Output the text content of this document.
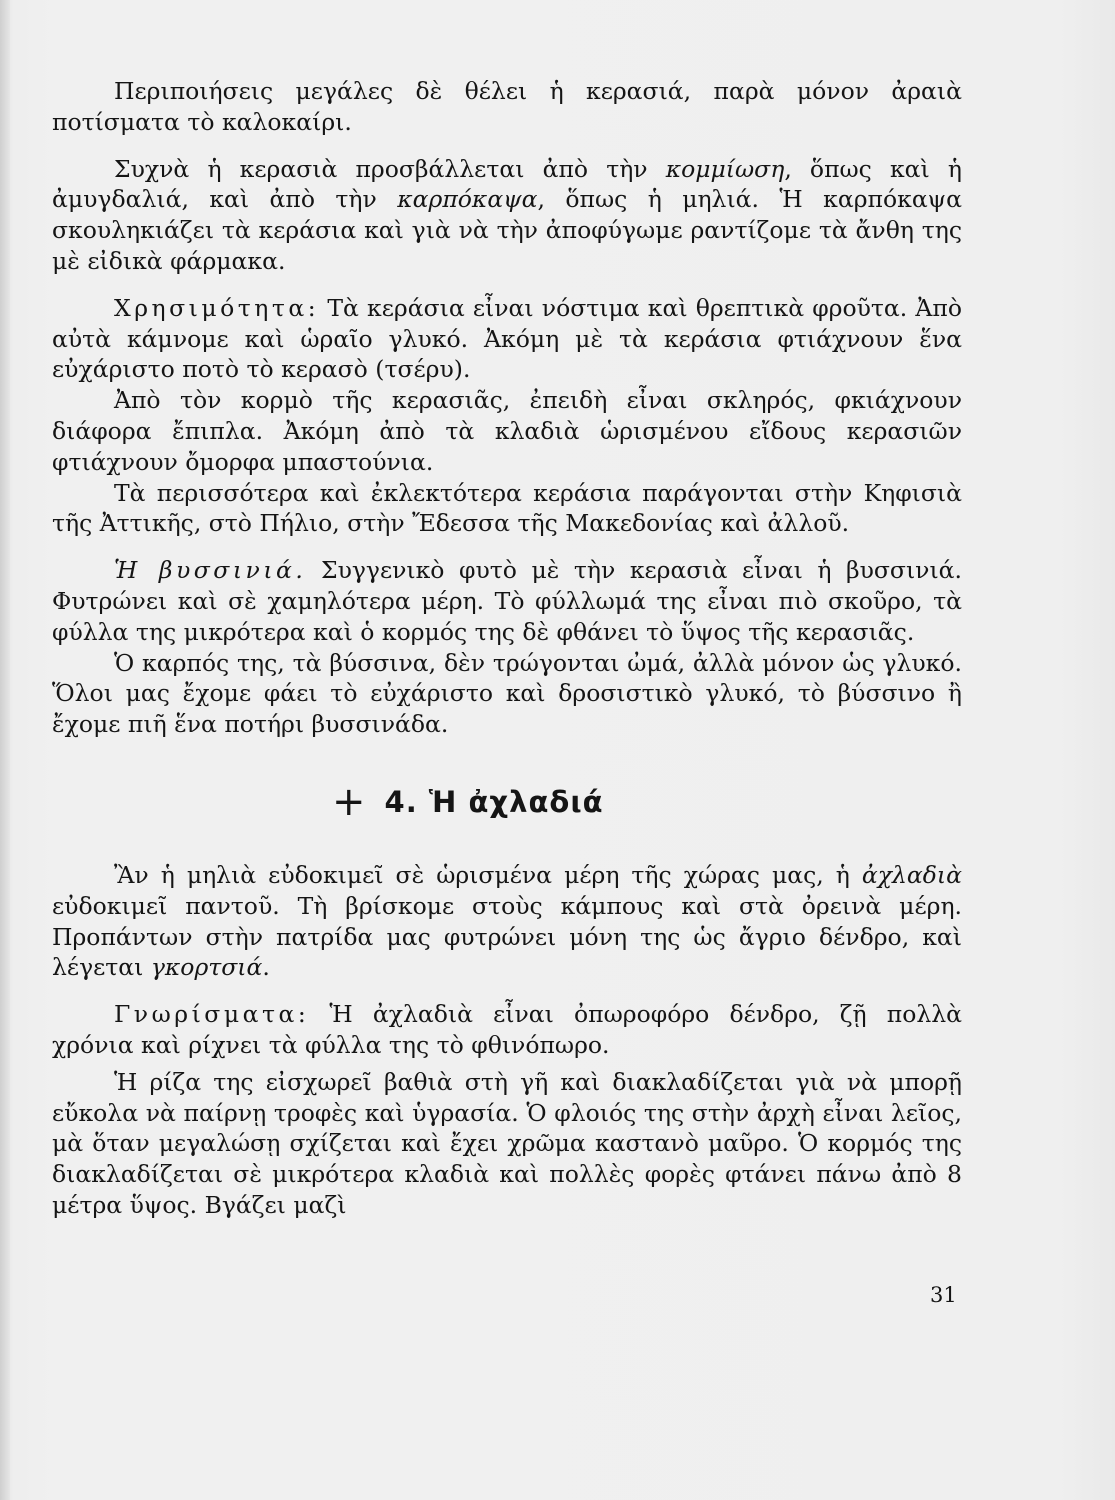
Περιποιήσεις μεγάλες δὲ θέλει ἡ κερασιά, παρὰ μόνον ἀραιὰ ποτίσματα τὸ καλοκαίρι.

Συχνὰ ἡ κερασιὰ προσβάλλεται ἀπὸ τὴν κομμίωση, ὅπως καὶ ἡ ἀμυγδαλιά, καὶ ἀπὸ τὴν καρπόκαψα, ὅπως ἡ μηλιά. Ἡ καρπόκαψα σκουληκιάζει τὰ κεράσια καὶ γιὰ νὰ τὴν ἀποφύγωμε ραντίζομε τὰ ἄνθη της μὲ εἰδικὰ φάρμακα.

Χρησιμότητα: Τὰ κεράσια εἶναι νόστιμα καὶ θρεπτικὰ φροῦτα. Ἀπὸ αὐτὰ κάμνομε καὶ ὡραῖο γλυκό. Ἀκόμη μὲ τὰ κεράσια φτιάχνουν ἕνα εὐχάριστο ποτὸ τὸ κερασὸ (τσέρυ).

Ἀπὸ τὸν κορμὸ τῆς κερασιᾶς, ἐπειδὴ εἶναι σκληρός, φκιάχνουν διάφορα ἔπιπλα. Ἀκόμη ἀπὸ τὰ κλαδιὰ ὡρισμένου εἴδους κερασιῶν φτιάχνουν ὄμορφα μπαστούνια.

Τὰ περισσότερα καὶ ἐκλεκτότερα κεράσια παράγονται στὴν Κηφισιὰ τῆς Ἀττικῆς, στὸ Πήλιο, στὴν Ἔδεσσα τῆς Μακεδονίας καὶ ἀλλοῦ.

Ἡ βυσσινιά. Συγγενικὸ φυτὸ μὲ τὴν κερασιὰ εἶναι ἡ βυσσινιά. Φυτρώνει καὶ σὲ χαμηλότερα μέρη. Τὸ φύλλωμά της εἶναι πιὸ σκοῦρο, τὰ φύλλα της μικρότερα καὶ ὁ κορμός της δὲ φθάνει τὸ ὕψος τῆς κερασιᾶς.

Ὁ καρπός της, τὰ βύσσινα, δὲν τρώγονται ὠμά, ἀλλὰ μόνον ὡς γλυκό. Ὅλοι μας ἔχομε φάει τὸ εὐχάριστο καὶ δροσιστικὸ γλυκό, τὸ βύσσινο ἢ ἔχομε πιῆ ἕνα ποτήρι βυσσινάδα.

+ 4. Ἡ ἀχλαδιά

Ἂν ἡ μηλιὰ εὐδοκιμεῖ σὲ ὡρισμένα μέρη τῆς χώρας μας, ἡ ἀχλαδιὰ εὐδοκιμεῖ παντοῦ. Τὴ βρίσκομε στοὺς κάμπους καὶ στὰ ὀρεινὰ μέρη. Προπάντων στὴν πατρίδα μας φυτρώνει μόνη της ὡς ἄγριο δένδρο, καὶ λέγεται γκορτσιά.

Γνωρίσματα: Ἡ ἀχλαδιὰ εἶναι ὀπωροφόρο δένδρο, ζῇ πολλὰ χρόνια καὶ ρίχνει τὰ φύλλα της τὸ φθινόπωρο.

Ἡ ρίζα της εἰσχωρεῖ βαθιὰ στὴ γῆ καὶ διακλαδίζεται γιὰ νὰ μπορῇ εὔκολα νὰ παίρνῃ τροφὲς καὶ ὑγρασία. Ὁ φλοιός της στὴν ἀρχὴ εἶναι λεῖος, μὰ ὅταν μεγαλώσῃ σχίζεται καὶ ἔχει χρῶμα καστανὸ μαῦρο. Ὁ κορμός της διακλαδίζεται σὲ μικρότερα κλαδιὰ καὶ πολλὲς φορὲς φτάνει πάνω ἀπὸ 8 μέτρα ὕψος. Βγάζει μαζὶ

31
